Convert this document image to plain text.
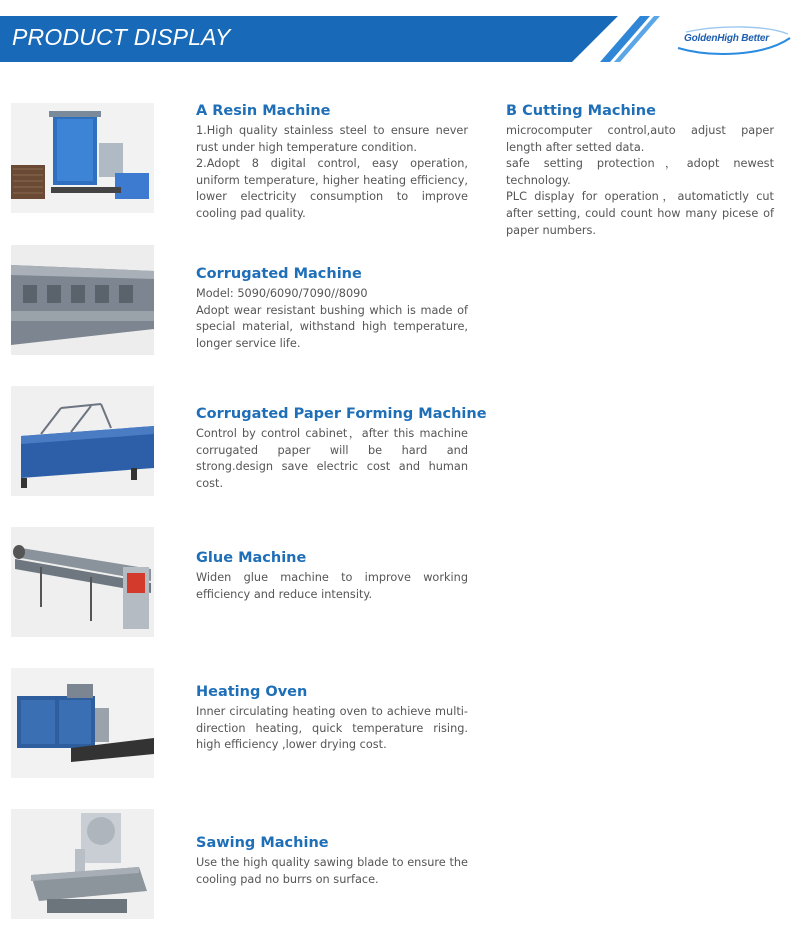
PRODUCT DISPLAY	GoldenHigh Better
A Resin Machine
1.High quality stainless steel to ensure never rust under high temperature condition.
2.Adopt 8 digital control, easy operation, uniform temperature, higher heating efficiency, lower electricity consumption to improve cooling pad quality.
B Cutting Machine
microcomputer control,auto adjust paper length after setted data.
safe setting protection，adopt newest technology.
PLC display for operation，automatictly cut after setting, could count how many picese of paper numbers.
Corrugated Machine
Model: 5090/6090/7090//8090
Adopt wear resistant bushing which is made of special material, withstand high temperature, longer service life.
Corrugated Paper Forming Machine
Control by control cabinet，after this machine corrugated paper will be hard and strong.design save electric cost and human cost.
Glue Machine
Widen glue machine to improve working efficiency and reduce intensity.
Heating Oven
Inner circulating heating oven to achieve multi-direction heating, quick temperature rising. high efficiency ,lower drying cost.
Sawing Machine
Use the high quality sawing blade to ensure the cooling pad no burrs on surface.
